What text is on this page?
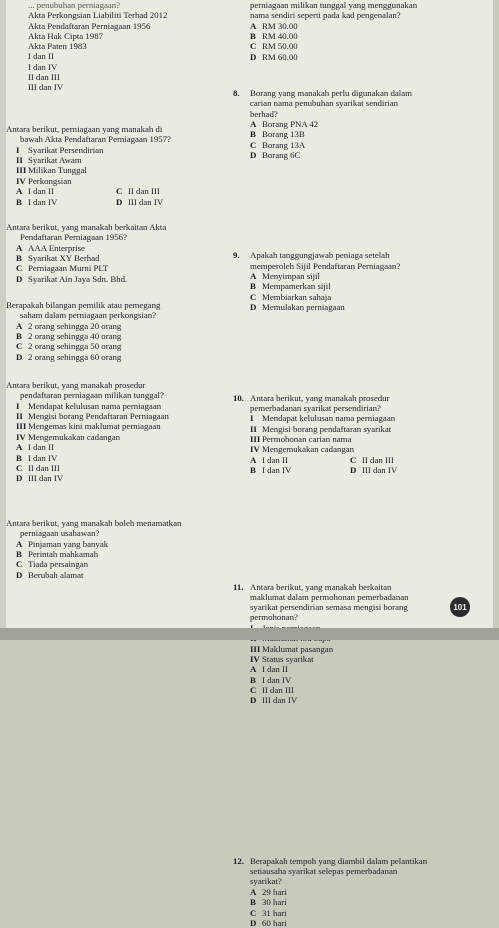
... penubuhan perniagaan?
Akta Perkongsian Liabiliti Terhad 2012
Akta Pendaftaran Perniagaan 1956
Akta Hak Cipta 1987
Akta Paten 1983
I dan II
I dan IV
II dan III
III dan IV
Antara berikut, perniagaan yang manakah di
bawah Akta Pendaftaran Perniagaan 1957?
I Syarikat Persendirian
II Syarikat Awam
III Milikan Tunggal
IV Perkongsian
A I dan II	C II dan III
B I dan IV	D III dan IV
Antara berikut, yang manakah berkaitan Akta
Pendaftaran Perniagaan 1956?
A AAA Enterprise
B Syarikat XY Berhad
C Perniagaan Murni PLT
D Syarikat Ain Jaya Sdn. Bhd.
Berapakah bilangan pemilik atau pemegang
saham dalam perniagaan perkongsian?
A 2 orang sehingga 20 orang
B 2 orang sehingga 40 orang
C 2 orang sehingga 50 orang
D 2 orang sehingga 60 orang
Antara berikut, yang manakah prosedur
pendaftaran perniagaan milikan tunggal?
I Mendapat kelulusan nama perniagaan
II Mengisi borang Pendaftaran Perniagaan
III Mengemas kini maklumat perniagaan
IV Mengemukakan cadangan
A I dan II
B I dan IV
C II dan III
D III dan IV
Antara berikut, yang manakah boleh menamatkan
perniagaan usahawan?
A Pinjaman yang banyak
B Perintah mahkamah
C Tiada persaingan
D Berubah alamat
perniagaan milikan tunggal yang menggunakan
nama sendiri seperti pada kad pengenalan?
A RM 30.00
B RM 40.00
C RM 50.00
D RM 60.00
8.	Borang yang manakah perlu digunakan dalam
carian nama penubuhan syarikat sendirian
berhad?
A Borang PNA 42
B Borang 13B
C Borang 13A
D Borang 6C
9.	Apakah tanggungjawab peniaga setelah
memperoleh Sijil Pendaftaran Perniagaan?
A Menyimpan sijil
B Mempamerkan sijil
C Membiarkan sahaja
D Memulakan perniagaan
10. Antara berikut, yang manakah prosedur
pemerbadanan syarikat persendirian?
I Mendapat kelulusan nama perniagaan
II Mengisi borang pendaftaran syarikat
III Permohonan carian nama
IV Mengemukakan cadangan
A I dan II	C II dan III
B I dan IV	D III dan IV
11. Antara berikut, yang manakah berkaitan
maklumat dalam permohonan pemerbadanan
syarikat persendirian semasa mengisi borang
permohonan?
III Maklumat pasangan
IV Status syarikat
A I dan II
B I dan IV
C II dan III
D III dan IV
12. Berapakah tempoh yang diambil dalam pelantikan
setiausaha syarikat selepas pemerbadanan
syarikat?
A 29 hari
B 30 hari
C 31 hari
D 60 hari
101
